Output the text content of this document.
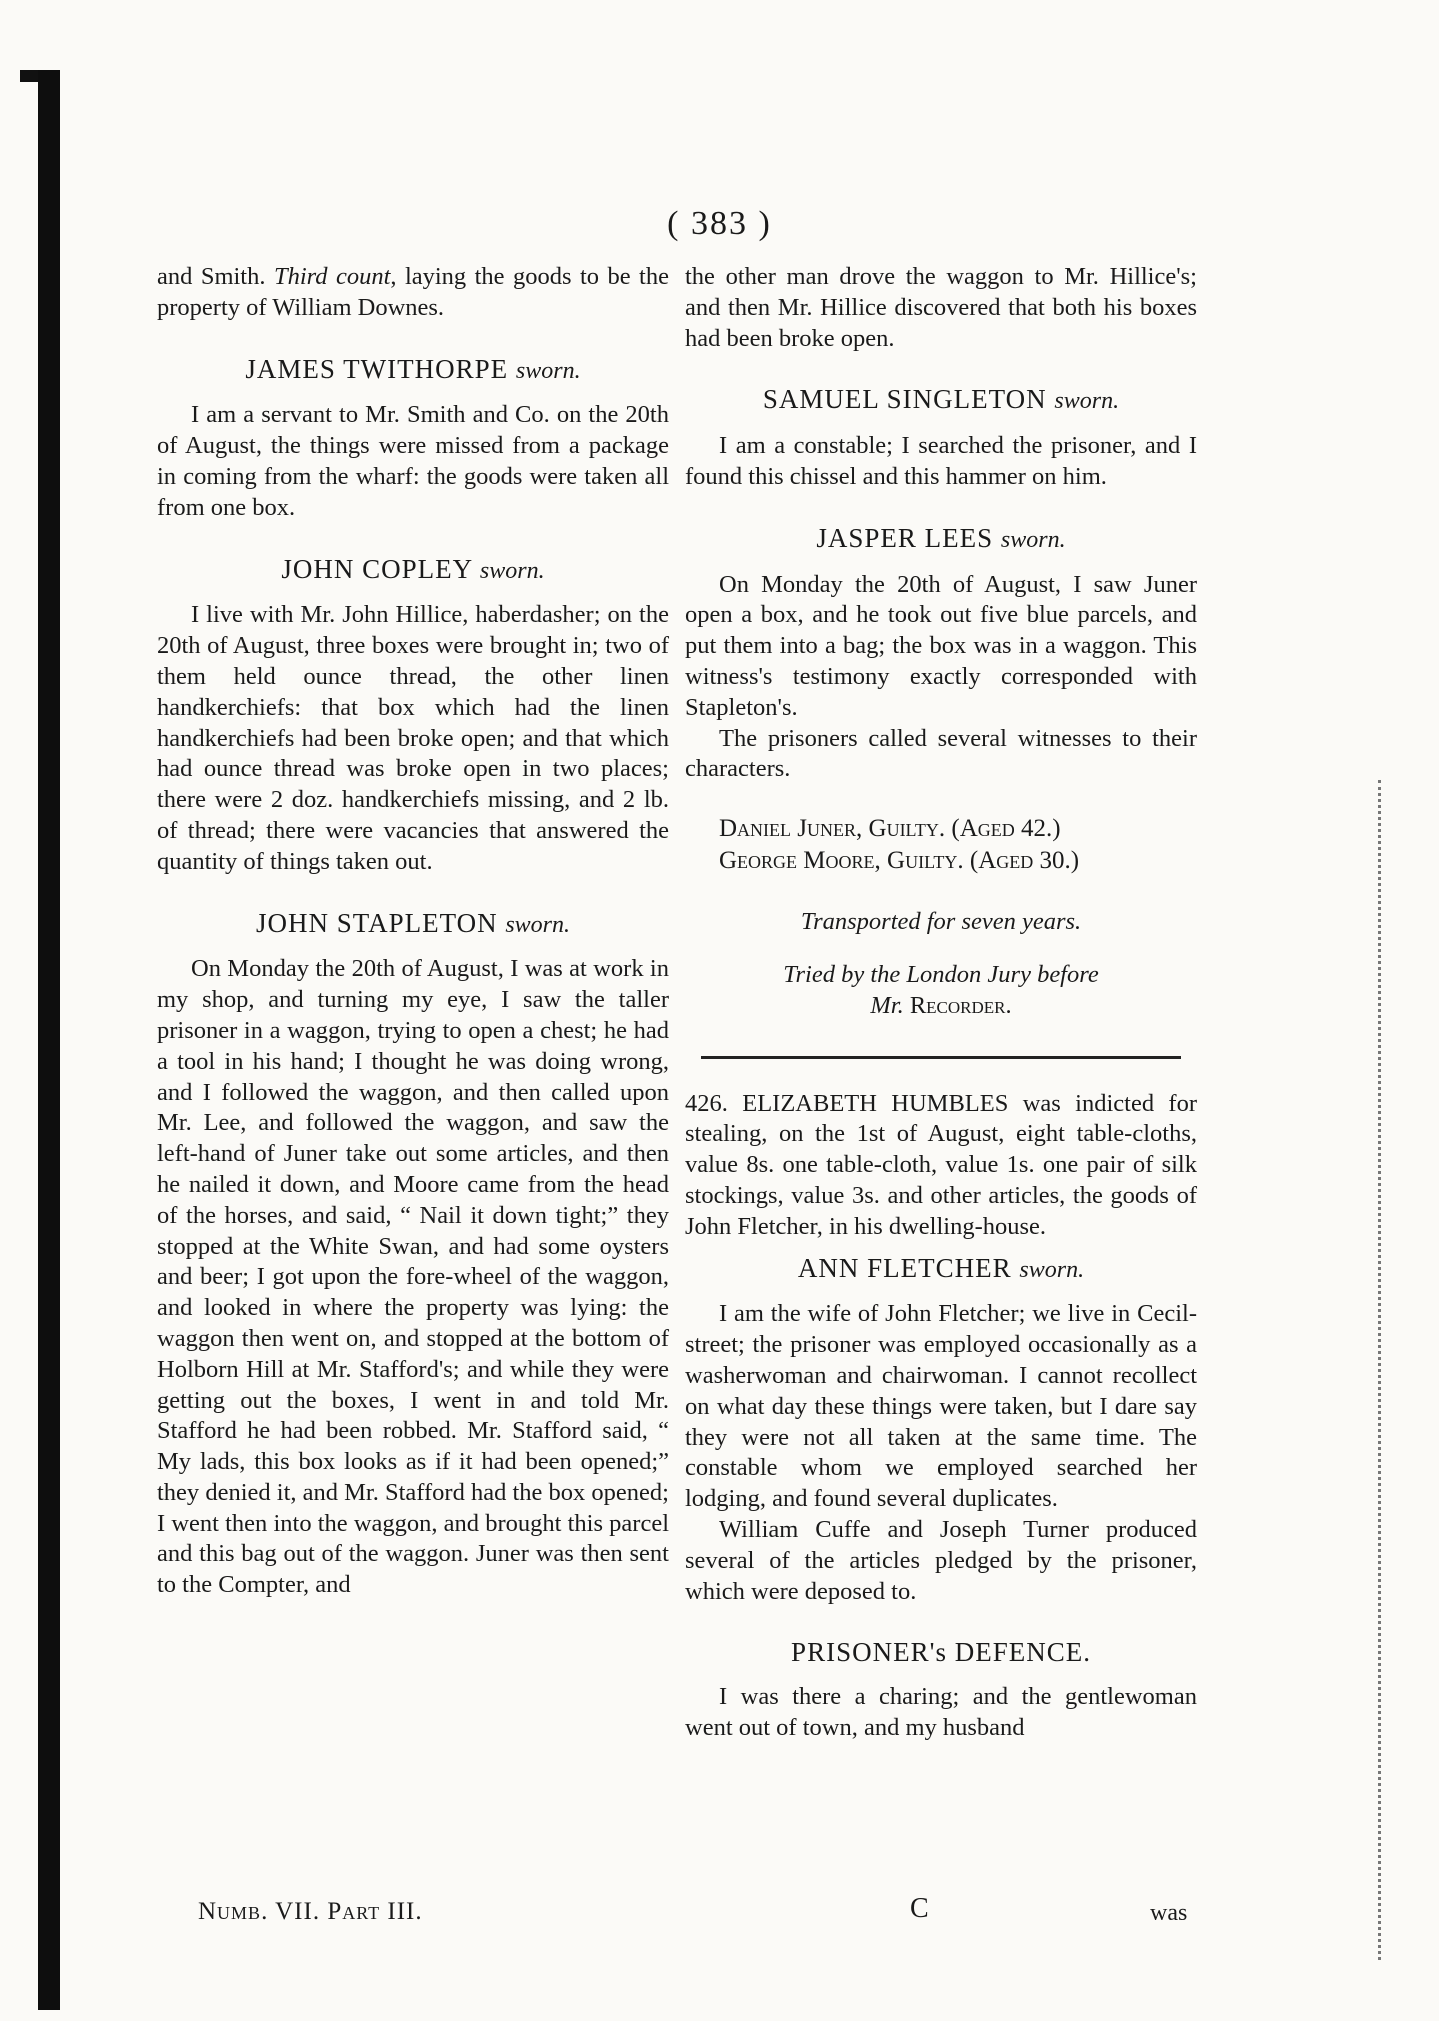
( 383 )

and Smith. Third count, laying the goods to be the property of William Downes.

JAMES TWITHORPE sworn.

I am a servant to Mr. Smith and Co. on the 20th of August, the things were missed from a package in coming from the wharf: the goods were taken all from one box.

JOHN COPLEY sworn.

I live with Mr. John Hillice, haberdasher; on the 20th of August, three boxes were brought in; two of them held ounce thread, the other linen handkerchiefs: that box which had the linen handkerchiefs had been broke open; and that which had ounce thread was broke open in two places; there were 2 doz. handkerchiefs missing, and 2 lb. of thread; there were vacancies that answered the quantity of things taken out.

JOHN STAPLETON sworn.

On Monday the 20th of August, I was at work in my shop, and turning my eye, I saw the taller prisoner in a waggon, trying to open a chest; he had a tool in his hand; I thought he was doing wrong, and I followed the waggon, and then called upon Mr. Lee, and followed the waggon, and saw the left-hand of Juner take out some articles, and then he nailed it down, and Moore came from the head of the horses, and said, “ Nail it down tight;” they stopped at the White Swan, and had some oysters and beer; I got upon the fore-wheel of the waggon, and looked in where the property was lying: the waggon then went on, and stopped at the bottom of Holborn Hill at Mr. Stafford's; and while they were getting out the boxes, I went in and told Mr. Stafford he had been robbed. Mr. Stafford said, “ My lads, this box looks as if it had been opened;” they denied it, and Mr. Stafford had the box opened; I went then into the waggon, and brought this parcel and this bag out of the waggon. Juner was then sent to the Compter, and

the other man drove the waggon to Mr. Hillice's; and then Mr. Hillice discovered that both his boxes had been broke open.

SAMUEL SINGLETON sworn.

I am a constable; I searched the prisoner, and I found this chissel and this hammer on him.

JASPER LEES sworn.

On Monday the 20th of August, I saw Juner open a box, and he took out five blue parcels, and put them into a bag; the box was in a waggon. This witness's testimony exactly corresponded with Stapleton's.

The prisoners called several witnesses to their characters.

Daniel Juner, Guilty. (Aged 42.)
George Moore, Guilty. (Aged 30.)

Transported for seven years.

Tried by the London Jury before
Mr. Recorder.

426. ELIZABETH HUMBLES was indicted for stealing, on the 1st of August, eight table-cloths, value 8s. one table-cloth, value 1s. one pair of silk stockings, value 3s. and other articles, the goods of John Fletcher, in his dwelling-house.

ANN FLETCHER sworn.

I am the wife of John Fletcher; we live in Cecil-street; the prisoner was employed occasionally as a washerwoman and chairwoman. I cannot recollect on what day these things were taken, but I dare say they were not all taken at the same time. The constable whom we employed searched her lodging, and found several duplicates.

William Cuffe and Joseph Turner produced several of the articles pledged by the prisoner, which were deposed to.

PRISONER's DEFENCE.

I was there a charing; and the gentlewoman went out of town, and my husband

Numb. VII. Part III.	C	was
